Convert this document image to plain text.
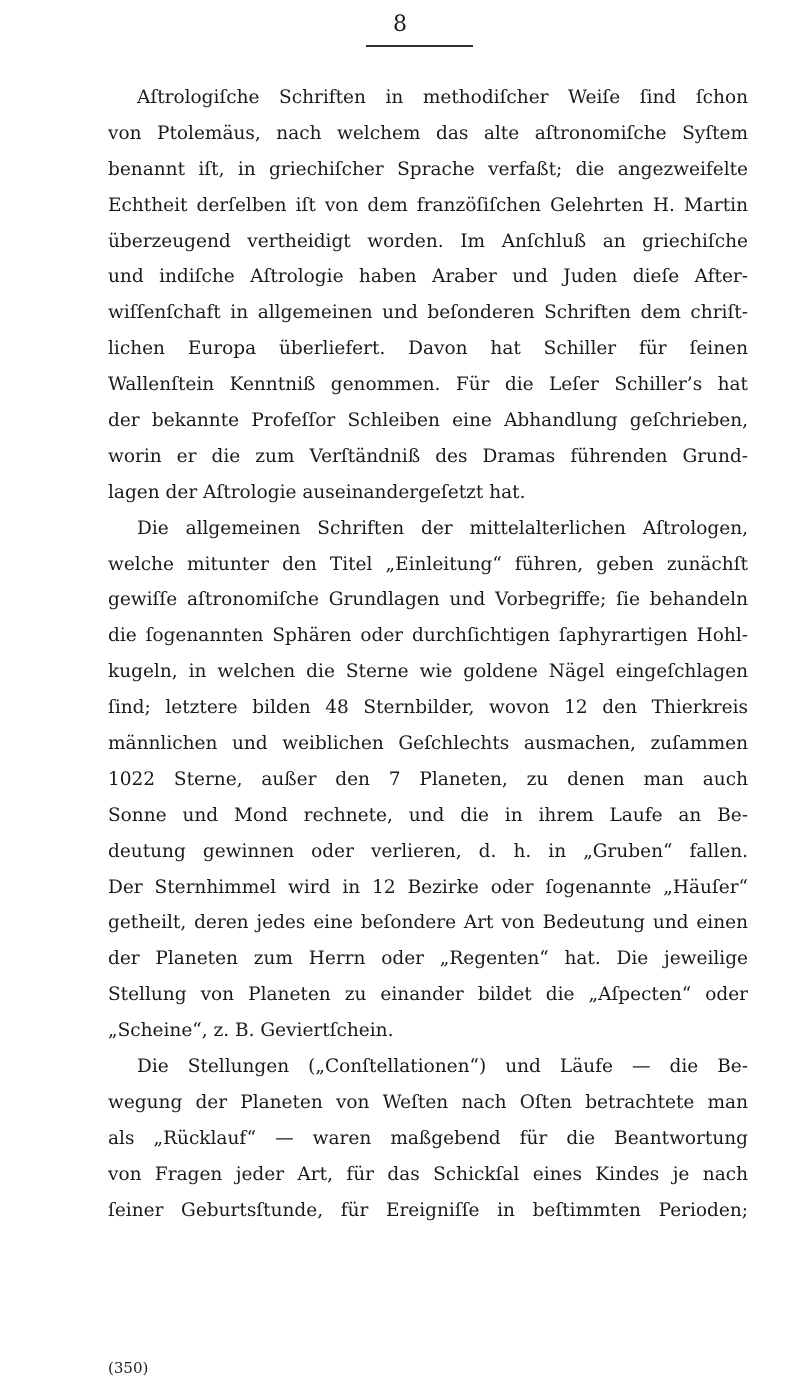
8
Aſtrologiſche Schriften in methodiſcher Weiſe ſind ſchon
von Ptolemäus, nach welchem das alte aſtronomiſche Syſtem
benannt iſt, in griechiſcher Sprache verfaßt; die angezweifelte
Echtheit derſelben iſt von dem franzöſiſchen Gelehrten H. Martin
überzeugend vertheidigt worden. Im Anſchluß an griechiſche
und indiſche Aſtrologie haben Araber und Juden dieſe After-
wiſſenſchaft in allgemeinen und beſonderen Schriften dem chriſt-
lichen Europa überliefert. Davon hat Schiller für ſeinen
Wallenſtein Kenntniß genommen. Für die Leſer Schiller’s hat
der bekannte Profeſſor Schleiben eine Abhandlung geſchrieben,
worin er die zum Verſtändniß des Dramas führenden Grund-
lagen der Aſtrologie auseinandergeſetzt hat.
Die allgemeinen Schriften der mittelalterlichen Aſtrologen,
welche mitunter den Titel „Einleitung“ führen, geben zunächſt
gewiſſe aſtronomiſche Grundlagen und Vorbegriffe; ſie behandeln
die ſogenannten Sphären oder durchſichtigen ſaphyrartigen Hohl-
kugeln, in welchen die Sterne wie goldene Nägel eingeſchlagen
ſind; letztere bilden 48 Sternbilder, wovon 12 den Thierkreis
männlichen und weiblichen Geſchlechts ausmachen, zuſammen
1022 Sterne, außer den 7 Planeten, zu denen man auch
Sonne und Mond rechnete, und die in ihrem Laufe an Be-
deutung gewinnen oder verlieren, d. h. in „Gruben“ fallen.
Der Sternhimmel wird in 12 Bezirke oder ſogenannte „Häuſer“
getheilt, deren jedes eine beſondere Art von Bedeutung und einen
der Planeten zum Herrn oder „Regenten“ hat. Die jeweilige
Stellung von Planeten zu einander bildet die „Aſpecten“ oder
„Scheine“, z. B. Geviertſchein.
Die Stellungen („Conſtellationen“) und Läufe — die Be-
wegung der Planeten von Weſten nach Oſten betrachtete man
als „Rücklauf“ — waren maßgebend für die Beantwortung
von Fragen jeder Art, für das Schickſal eines Kindes je nach
ſeiner Geburtsſtunde, für Ereigniſſe in beſtimmten Perioden;
(350)
